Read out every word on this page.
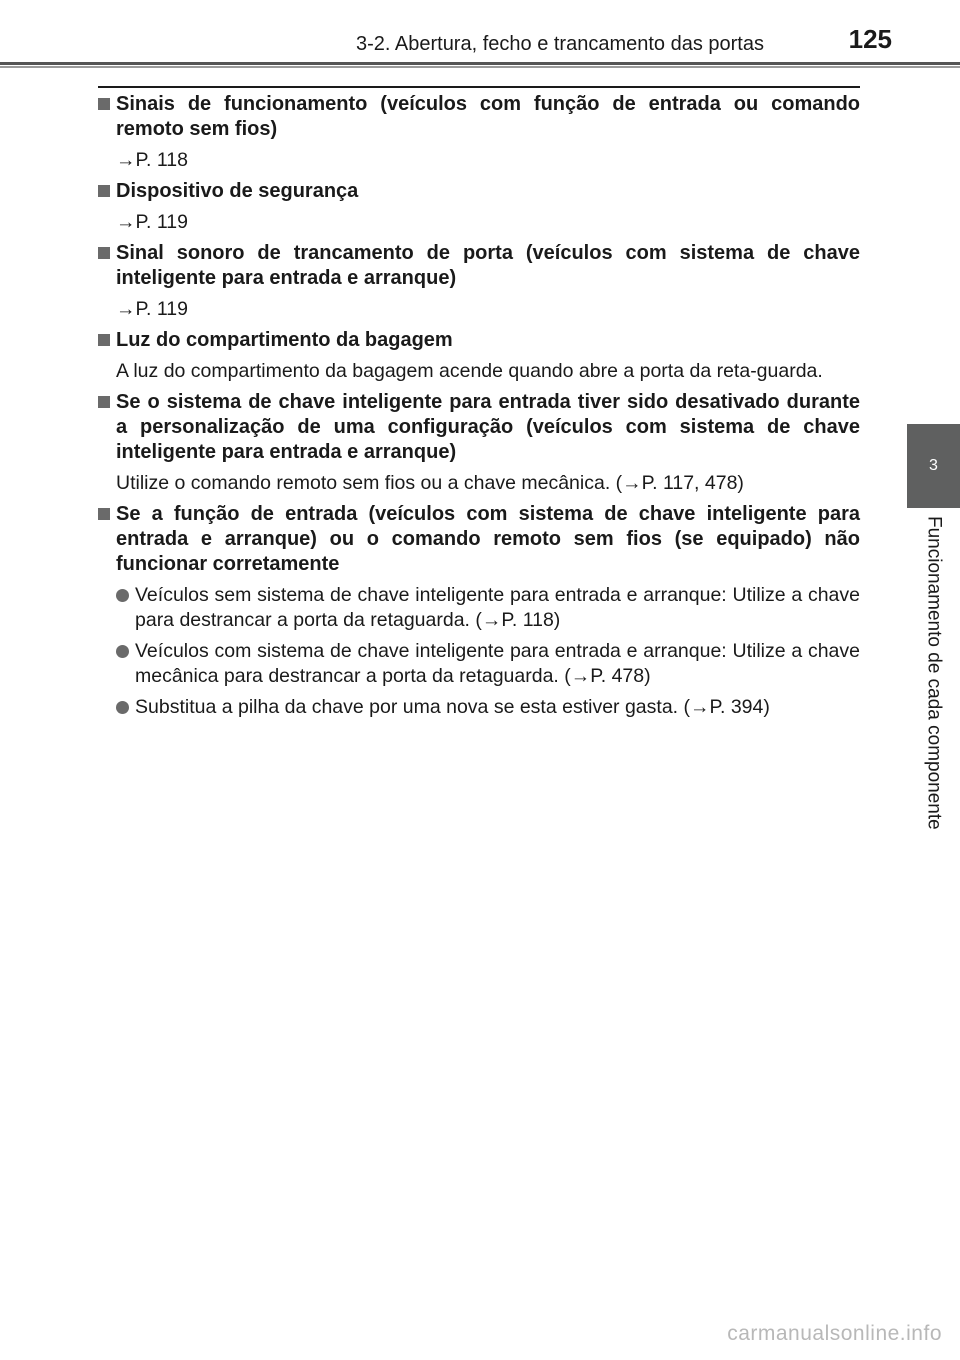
3-2. Abertura, fecho e trancamento das portas	125
3
Funcionamento de cada componente
Sinais de funcionamento (veículos com função de entrada ou comando remoto sem fios)
→P. 118
Dispositivo de segurança
→P. 119
Sinal sonoro de trancamento de porta (veículos com sistema de chave inteligente para entrada e arranque)
→P. 119
Luz do compartimento da bagagem
A luz do compartimento da bagagem acende quando abre a porta da reta-guarda.
Se o sistema de chave inteligente para entrada tiver sido desativado durante a personalização de uma configuração (veículos com sistema de chave inteligente para entrada e arranque)
Utilize o comando remoto sem fios ou a chave mecânica. (→P. 117, 478)
Se a função de entrada (veículos com sistema de chave inteligente para entrada e arranque) ou o comando remoto sem fios (se equipado) não funcionar corretamente
Veículos sem sistema de chave inteligente para entrada e arranque: Utilize a chave para destrancar a porta da retaguarda. (→P. 118)
Veículos com sistema de chave inteligente para entrada e arranque: Utilize a chave mecânica para destrancar a porta da retaguarda. (→P. 478)
Substitua a pilha da chave por uma nova se esta estiver gasta. (→P. 394)
carmanualsonline.info
